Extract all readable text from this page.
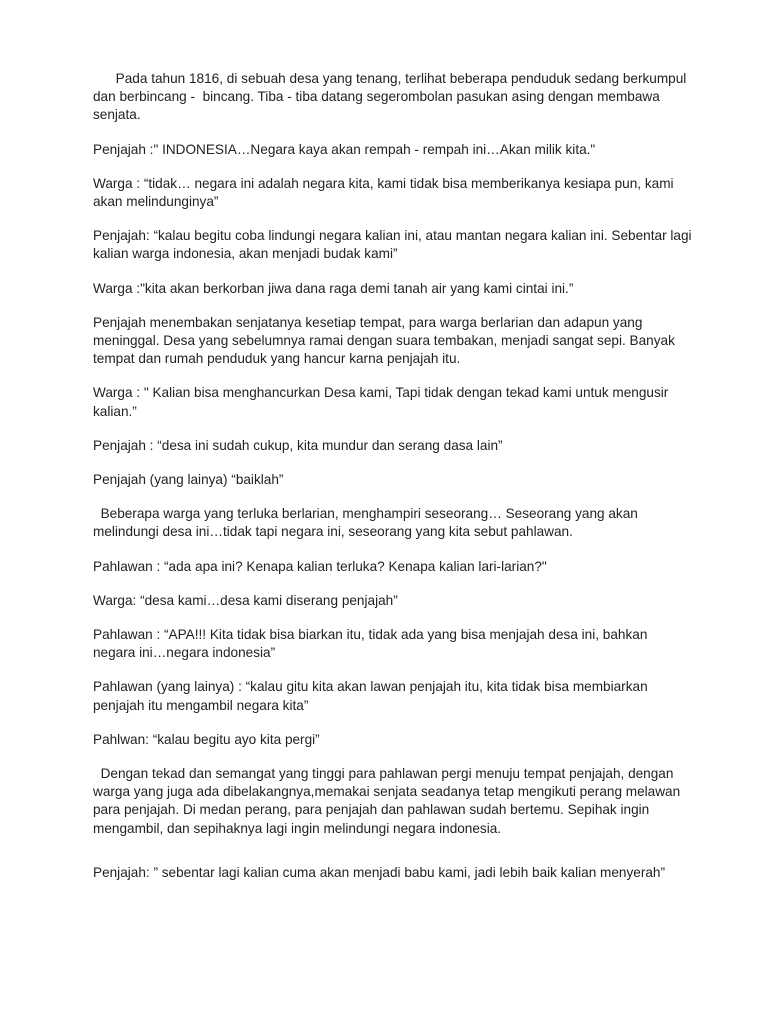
Pada tahun 1816, di sebuah desa yang tenang, terlihat beberapa penduduk sedang berkumpul dan berbincang -  bincang. Tiba - tiba datang segerombolan pasukan asing dengan membawa senjata.

Penjajah :" INDONESIA…Negara kaya akan rempah - rempah ini…Akan milik kita."

Warga : “tidak… negara ini adalah negara kita, kami tidak bisa memberikanya kesiapa pun, kami akan melindunginya”

Penjajah: “kalau begitu coba lindungi negara kalian ini, atau mantan negara kalian ini. Sebentar lagi kalian warga indonesia, akan menjadi budak kami”

Warga :"kita akan berkorban jiwa dana raga demi tanah air yang kami cintai ini.”

Penjajah menembakan senjatanya kesetiap tempat, para warga berlarian dan adapun yang meninggal. Desa yang sebelumnya ramai dengan suara tembakan, menjadi sangat sepi. Banyak tempat dan rumah penduduk yang hancur karna penjajah itu.

Warga : " Kalian bisa menghancurkan Desa kami, Tapi tidak dengan tekad kami untuk mengusir kalian.”

Penjajah : “desa ini sudah cukup, kita mundur dan serang dasa lain”

Penjajah (yang lainya) “baiklah”

Beberapa warga yang terluka berlarian, menghampiri seseorang… Seseorang yang akan melindungi desa ini…tidak tapi negara ini, seseorang yang kita sebut pahlawan.

Pahlawan : “ada apa ini? Kenapa kalian terluka? Kenapa kalian lari-larian?"

Warga: “desa kami…desa kami diserang penjajah”

Pahlawan : “APA!!! Kita tidak bisa biarkan itu, tidak ada yang bisa menjajah desa ini, bahkan negara ini…negara indonesia”

Pahlawan (yang lainya) : “kalau gitu kita akan lawan penjajah itu, kita tidak bisa membiarkan penjajah itu mengambil negara kita”

Pahlwan: “kalau begitu ayo kita pergi”

Dengan tekad dan semangat yang tinggi para pahlawan pergi menuju tempat penjajah, dengan warga yang juga ada dibelakangnya,memakai senjata seadanya tetap mengikuti perang melawan para penjajah. Di medan perang, para penjajah dan pahlawan sudah bertemu. Sepihak ingin mengambil, dan sepihaknya lagi ingin melindungi negara indonesia.

Penjajah: ” sebentar lagi kalian cuma akan menjadi babu kami, jadi lebih baik kalian menyerah”
